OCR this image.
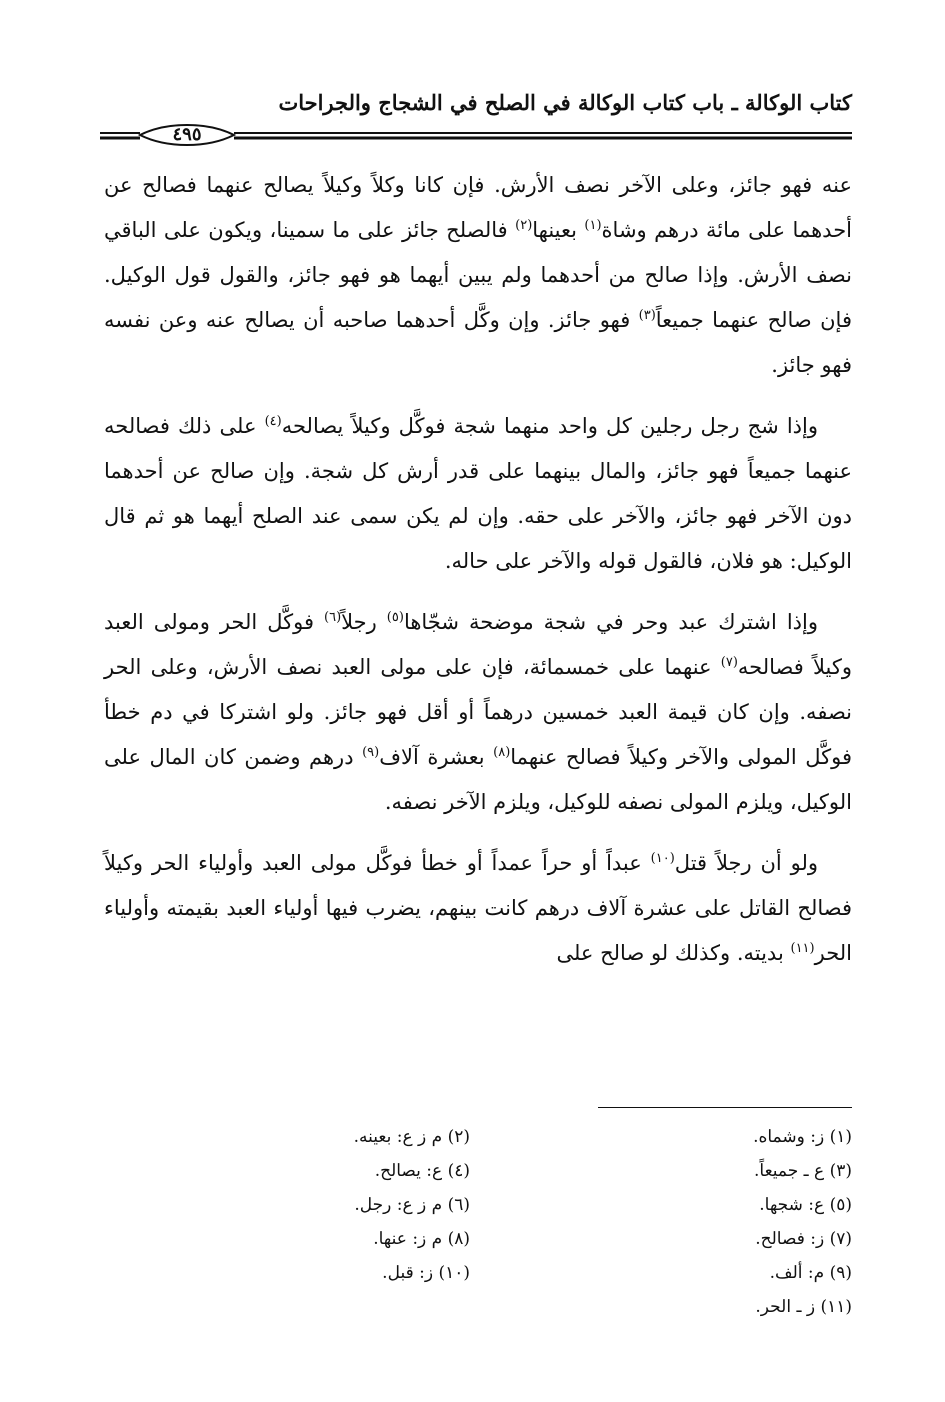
كتاب الوكالة ـ باب كتاب الوكالة في الصلح في الشجاج والجراحات
٤٩٥

عنه فهو جائز، وعلى الآخر نصف الأرش. فإن كانا وكلاً وكيلاً يصالح عنهما فصالح عن أحدهما على مائة درهم وشاة$^{(١)}$ بعينها$^{(٢)}$ فالصلح جائز على ما سمينا، ويكون على الباقي نصف الأرش. وإذا صالح من أحدهما ولم يبين أيهما هو فهو جائز، والقول قول الوكيل. فإن صالح عنهما جميعاً$^{(٣)}$ فهو جائز. وإن وكَّل أحدهما صاحبه أن يصالح عنه وعن نفسه فهو جائز.

وإذا شج رجل رجلين كل واحد منهما شجة فوكَّل وكيلاً يصالحه$^{(٤)}$ على ذلك فصالحه عنهما جميعاً فهو جائز، والمال بينهما على قدر أرش كل شجة. وإن صالح عن أحدهما دون الآخر فهو جائز، والآخر على حقه. وإن لم يكن سمى عند الصلح أيهما هو ثم قال الوكيل: هو فلان، فالقول قوله والآخر على حاله.

وإذا اشترك عبد وحر في شجة موضحة شجّاها$^{(٥)}$ رجلاً$^{(٦)}$ فوكَّل الحر ومولى العبد وكيلاً فصالحه$^{(٧)}$ عنهما على خمسمائة، فإن على مولى العبد نصف الأرش، وعلى الحر نصفه. وإن كان قيمة العبد خمسين درهماً أو أقل فهو جائز. ولو اشتركا في دم خطأ فوكَّل المولى والآخر وكيلاً فصالح عنهما$^{(٨)}$ بعشرة آلاف$^{(٩)}$ درهم وضمن كان المال على الوكيل، ويلزم المولى نصفه للوكيل، ويلزم الآخر نصفه.

ولو أن رجلاً قتل$^{(١٠)}$ عبداً أو حراً عمداً أو خطأ فوكَّل مولى العبد وأولياء الحر وكيلاً فصالح القاتل على عشرة آلاف درهم كانت بينهم، يضرب فيها أولياء العبد بقيمته وأولياء الحر$^{(١١)}$ بديته. وكذلك لو صالح على

(١) ز: وشماه.
(٢) م ز ع: بعينه.
(٣) ع ـ جميعاً.
(٤) ع: يصالح.
(٥) ع: شجها.
(٦) م ز ع: رجل.
(٧) ز: فصالح.
(٨) م ز: عنها.
(٩) م: ألف.
(١٠) ز: قبل.
(١١) ز ـ الحر.
